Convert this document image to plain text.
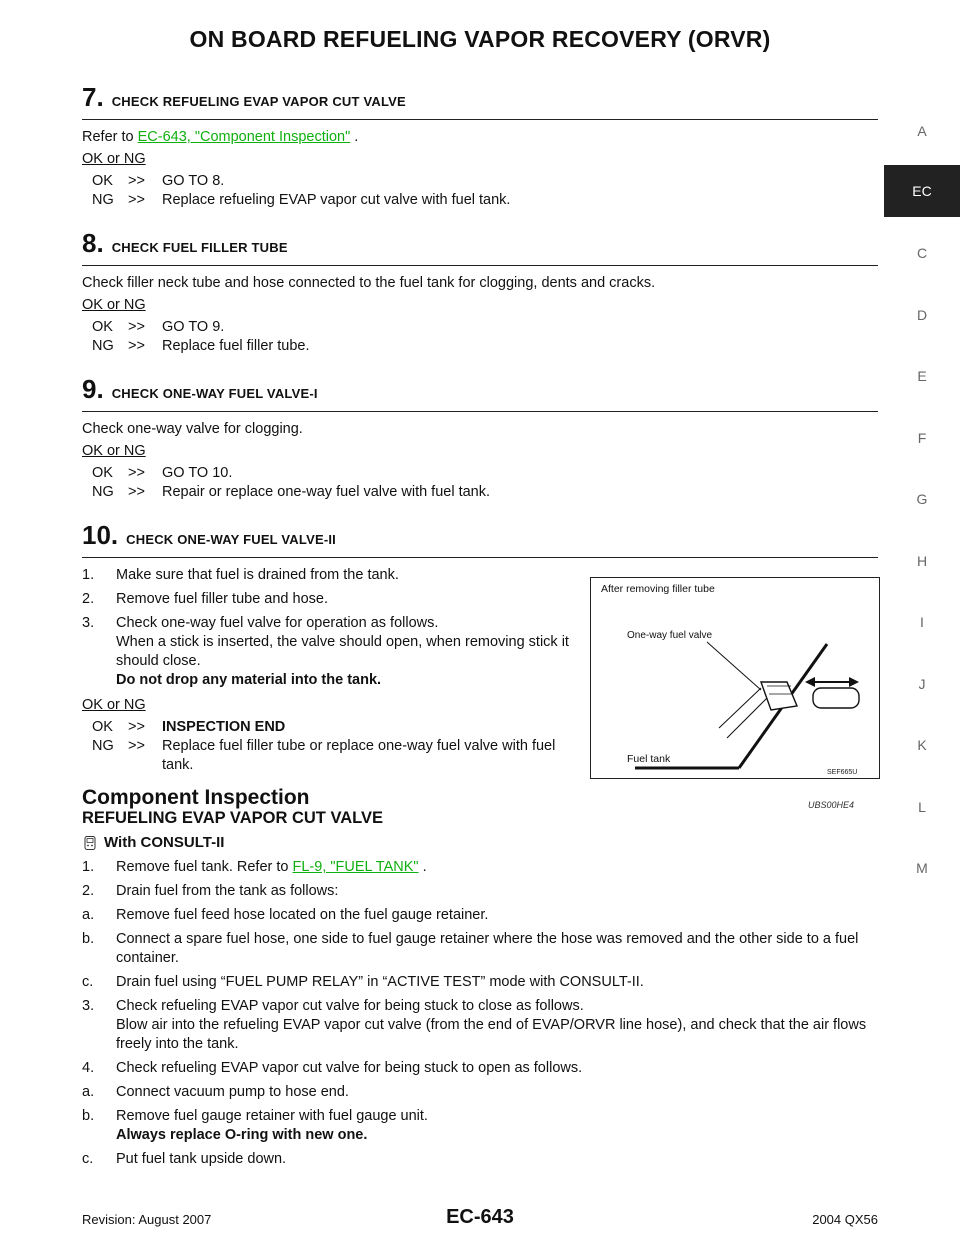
ON BOARD REFUELING VAPOR RECOVERY (ORVR)
A
EC
C
D
E
F
G
H
I
J
K
L
M
7. CHECK REFUELING EVAP VAPOR CUT VALVE
Refer to EC-643, "Component Inspection" .
OK or NG
OK	>>	GO TO 8.
NG >>	Replace refueling EVAP vapor cut valve with fuel tank.
8. CHECK FUEL FILLER TUBE
Check filler neck tube and hose connected to the fuel tank for clogging, dents and cracks.
OK or NG
OK	>>	GO TO 9.
NG >>	Replace fuel filler tube.
9. CHECK ONE-WAY FUEL VALVE-I
Check one-way valve for clogging.
OK or NG
OK	>>	GO TO 10.
NG >>	Repair or replace one-way fuel valve with fuel tank.
10. CHECK ONE-WAY FUEL VALVE-II
1.	Make sure that fuel is drained from the tank.
2.	Remove fuel filler tube and hose.
3.	Check one-way fuel valve for operation as follows.
When a stick is inserted, the valve should open, when removing stick it should close.
Do not drop any material into the tank.
OK or NG
OK	>>	INSPECTION END
NG >>	Replace fuel filler tube or replace one-way fuel valve with fuel tank.
After removing filler tube
One-way fuel valve
Fuel tank
SEF665U
Component Inspection	UBS00HE4
REFUELING EVAP VAPOR CUT VALVE
With CONSULT-II
1.	Remove fuel tank. Refer to FL-9, "FUEL TANK" .
2.	Drain fuel from the tank as follows:
a.	Remove fuel feed hose located on the fuel gauge retainer.
b.	Connect a spare fuel hose, one side to fuel gauge retainer where the hose was removed and the other side to a fuel container.
c.	Drain fuel using “FUEL PUMP RELAY” in “ACTIVE TEST” mode with CONSULT-II.
3.	Check refueling EVAP vapor cut valve for being stuck to close as follows.
Blow air into the refueling EVAP vapor cut valve (from the end of EVAP/ORVR line hose), and check that the air flows freely into the tank.
4.	Check refueling EVAP vapor cut valve for being stuck to open as follows.
a.	Connect vacuum pump to hose end.
b.	Remove fuel gauge retainer with fuel gauge unit.
Always replace O-ring with new one.
c.	Put fuel tank upside down.
Revision: August 2007	EC-643	2004 QX56
